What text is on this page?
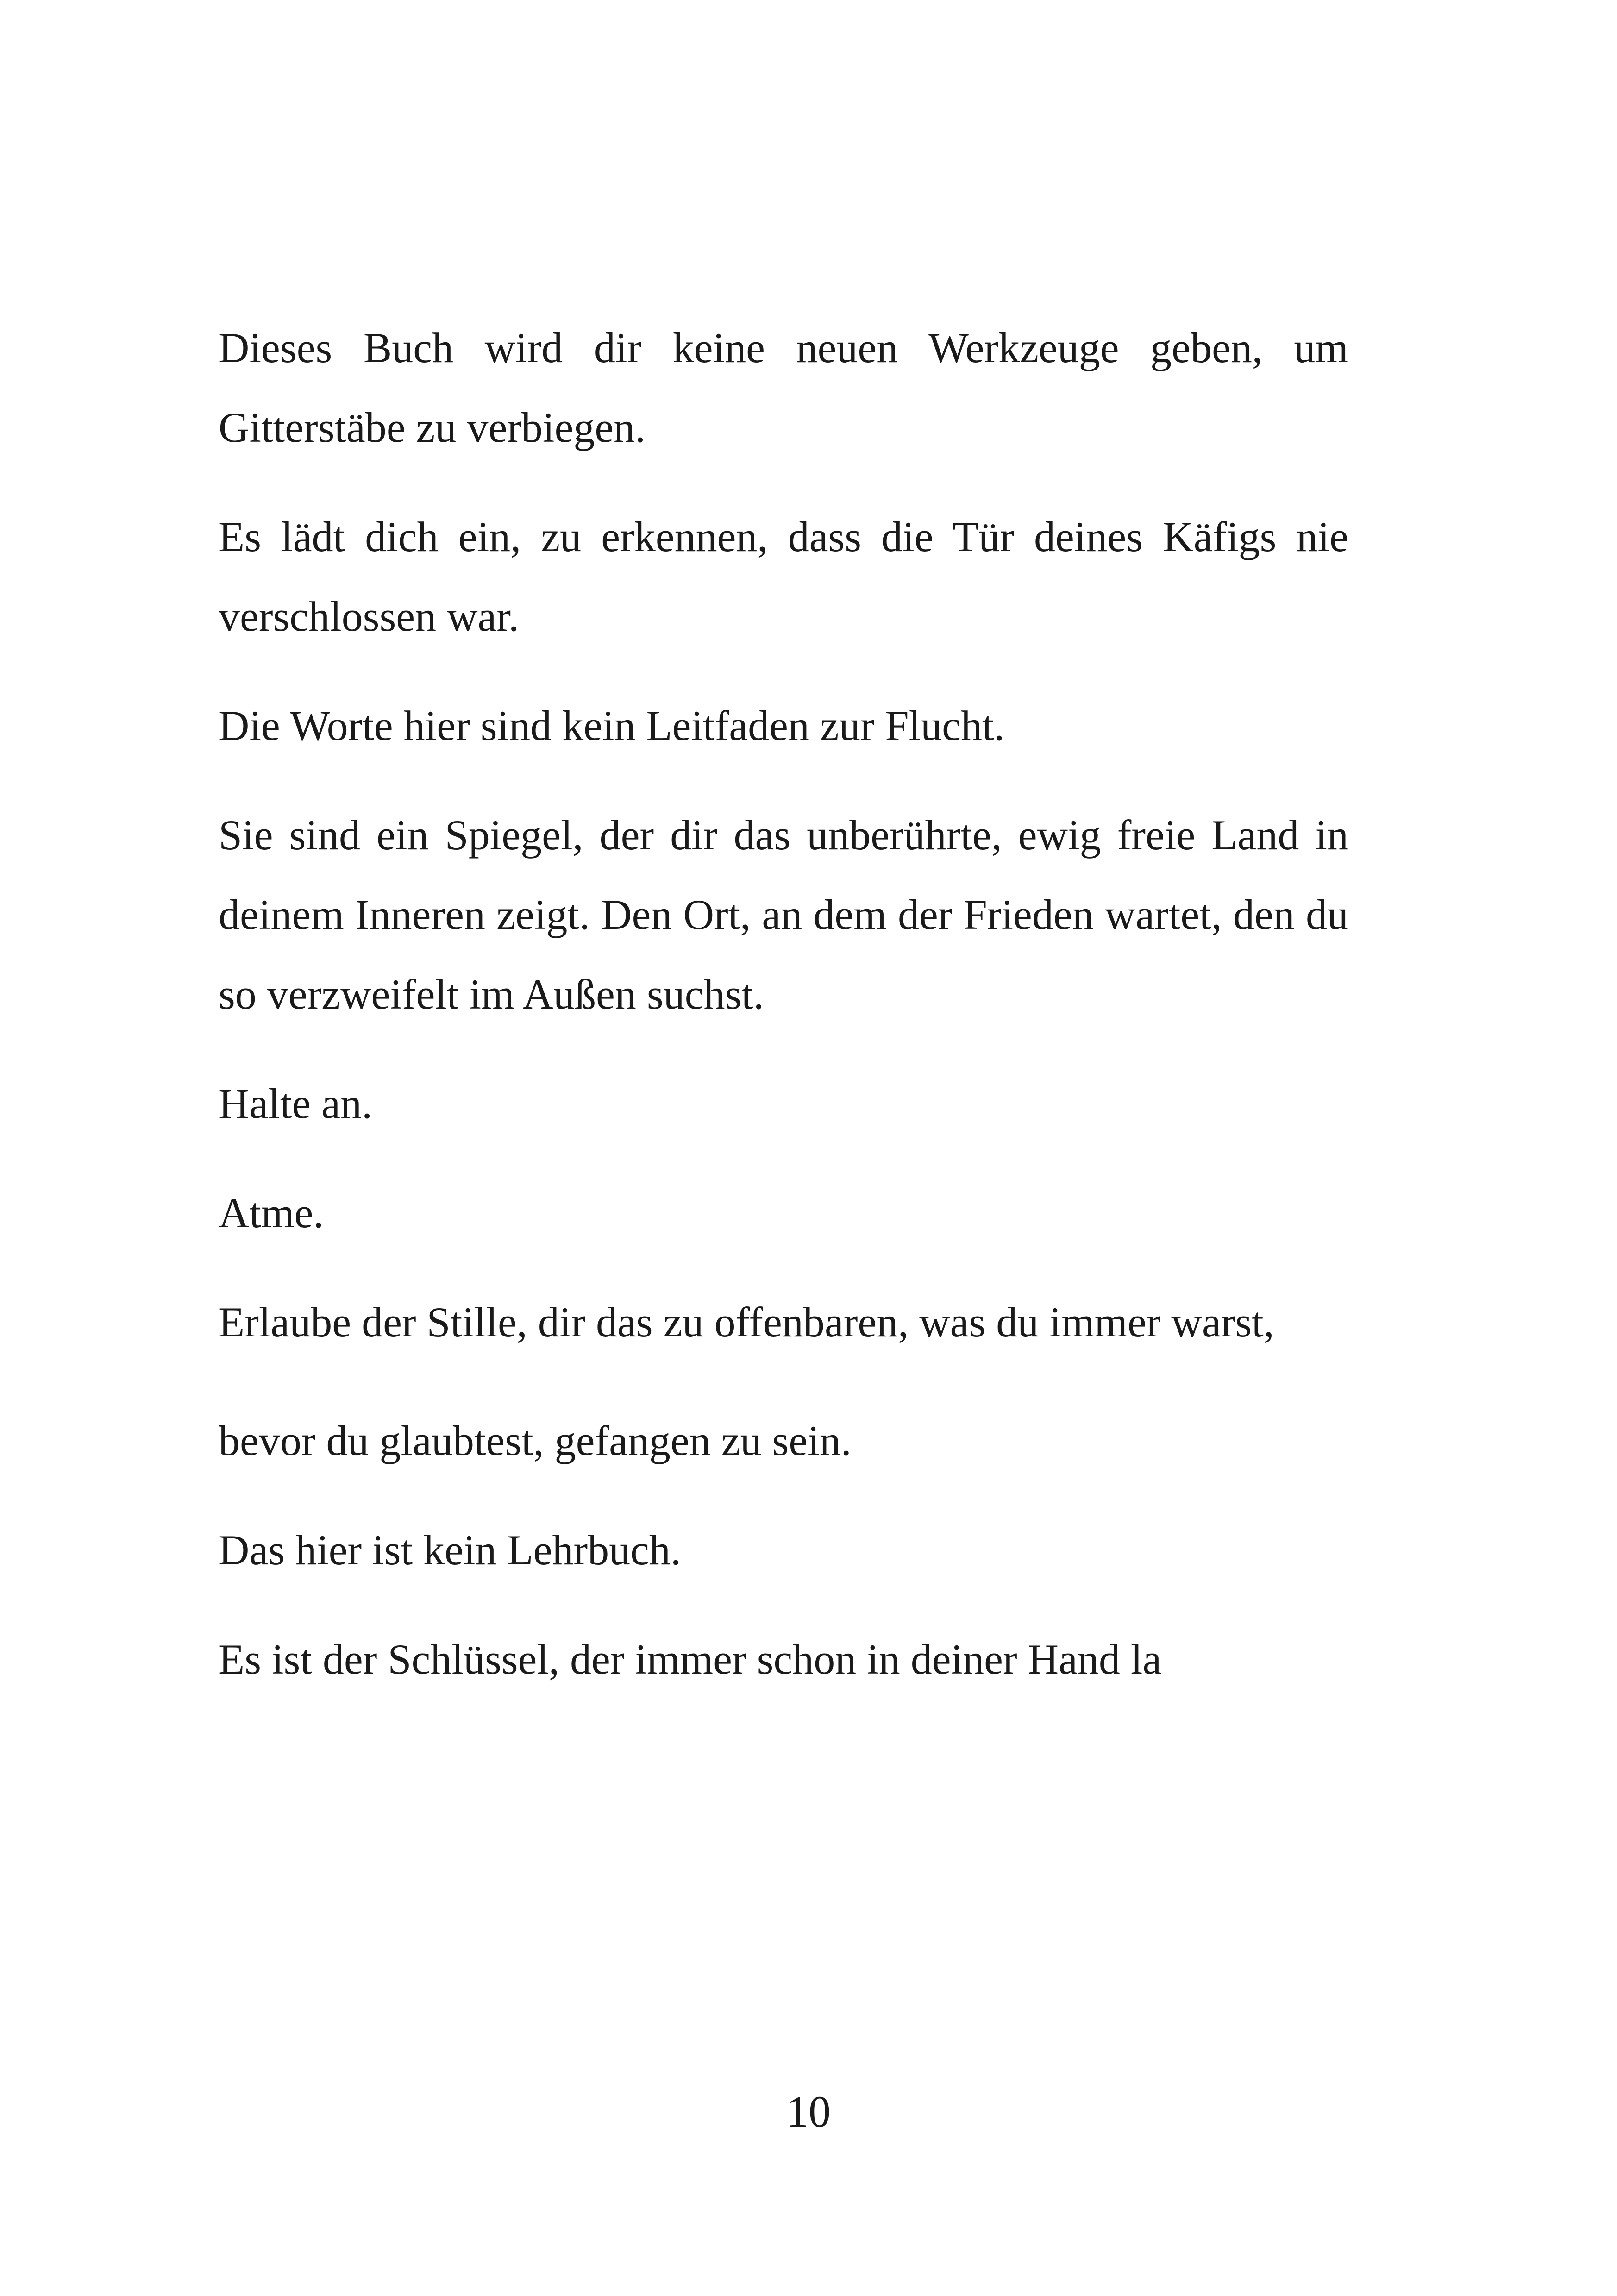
Dieses Buch wird dir keine neuen Werkzeuge geben, um Gitterstäbe zu verbiegen.

Es lädt dich ein, zu erkennen, dass die Tür deines Käfigs nie verschlossen war.

Die Worte hier sind kein Leitfaden zur Flucht.

Sie sind ein Spiegel, der dir das unberührte, ewig freie Land in deinem Inneren zeigt. Den Ort, an dem der Frieden wartet, den du so verzweifelt im Außen suchst.

Halte an.

Atme.

Erlaube der Stille, dir das zu offenbaren, was du immer warst,

bevor du glaubtest, gefangen zu sein.

Das hier ist kein Lehrbuch.

Es ist der Schlüssel, der immer schon in deiner Hand la

10
